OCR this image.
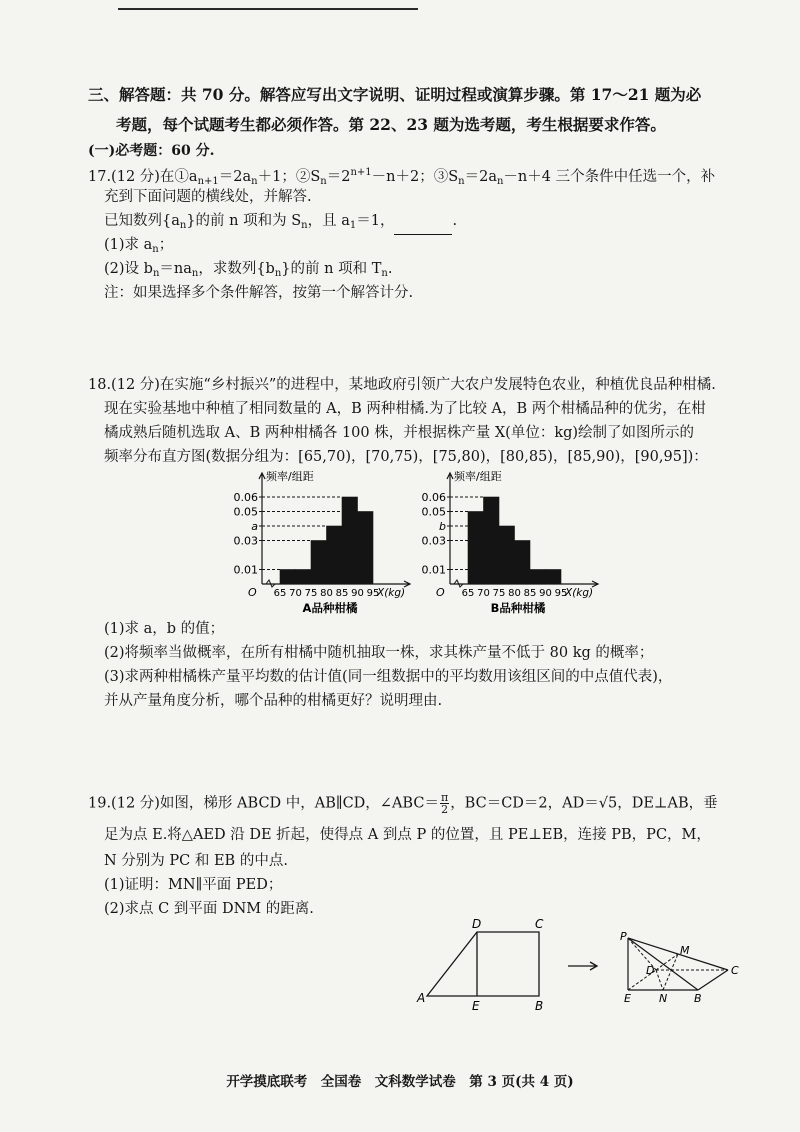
三、解答题：共 70 分。解答应写出文字说明、证明过程或演算步骤。第 17～21 题为必
考题，每个试题考生都必须作答。第 22、23 题为选考题，考生根据要求作答。
(一)必考题：60 分.
17.(12 分)在$①a_{n+1}=2a_n+1$；$②S_n=2^{n+1}-n+2$；$③S_n=2a_n-n+4$ 三个条件中任选一个，补
充到下面问题的横线处，并解答.
已知数列$\{a_n\}$的前 n 项和为 $S_n$，且 $a_1=1$，	.
(1)求 $a_n$；
(2)设 $b_n=na_n$，求数列$\{b_n\}$的前 n 项和 $T_n$.
注：如果选择多个条件解答，按第一个解答计分.
18.(12 分)在实施“乡村振兴”的进程中，某地政府引领广大农户发展特色农业，种植优良品种柑橘.
现在实验基地中种植了相同数量的 A，B 两种柑橘.为了比较 A，B 两个柑橘品种的优劣，在柑
橘成熟后随机选取 A、B 两种柑橘各 100 株，并根据株产量 X(单位：kg)绘制了如图所示的
频率分布直方图(数据分组为：[65,70)，[70,75)，[75,80)，[80,85)，[85,90)，[90,95])：
频率/组距
O
0.01
0.03
a
0.05
0.06
65 70 75 80 85 90 95
X(kg)
A品种柑橘
频率/组距
O
0.01
0.03
b
0.05
0.06
65 70 75 80 85 90 95
X(kg)
B品种柑橘
(1)求 a，b 的值；
(2)将频率当做概率，在所有柑橘中随机抽取一株，求其株产量不低于 80 kg 的概率；
(3)求两种柑橘株产量平均数的估计值(同一组数据中的平均数用该组区间的中点值代表)，
并从产量角度分析，哪个品种的柑橘更好？说明理由.
19.(12 分)如图，梯形 ABCD 中，AB∥CD，∠ABC＝ $\frac{\pi}{2}$ ，BC＝CD＝2，AD＝√5，DE⊥AB，垂
足为点 E.将△AED 沿 DE 折起，使得点 A 到点 P 的位置，且 PE⊥EB，连接 PB，PC，M，
N 分别为 PC 和 EB 的中点.
(1)证明：MN∥平面 PED；
(2)求点 C 到平面 DNM 的距离.
A
D	C
E	B
P
M
D	C
E	N B
开学摸底联考　全国卷　文科数学试卷　第 3 页(共 4 页)
